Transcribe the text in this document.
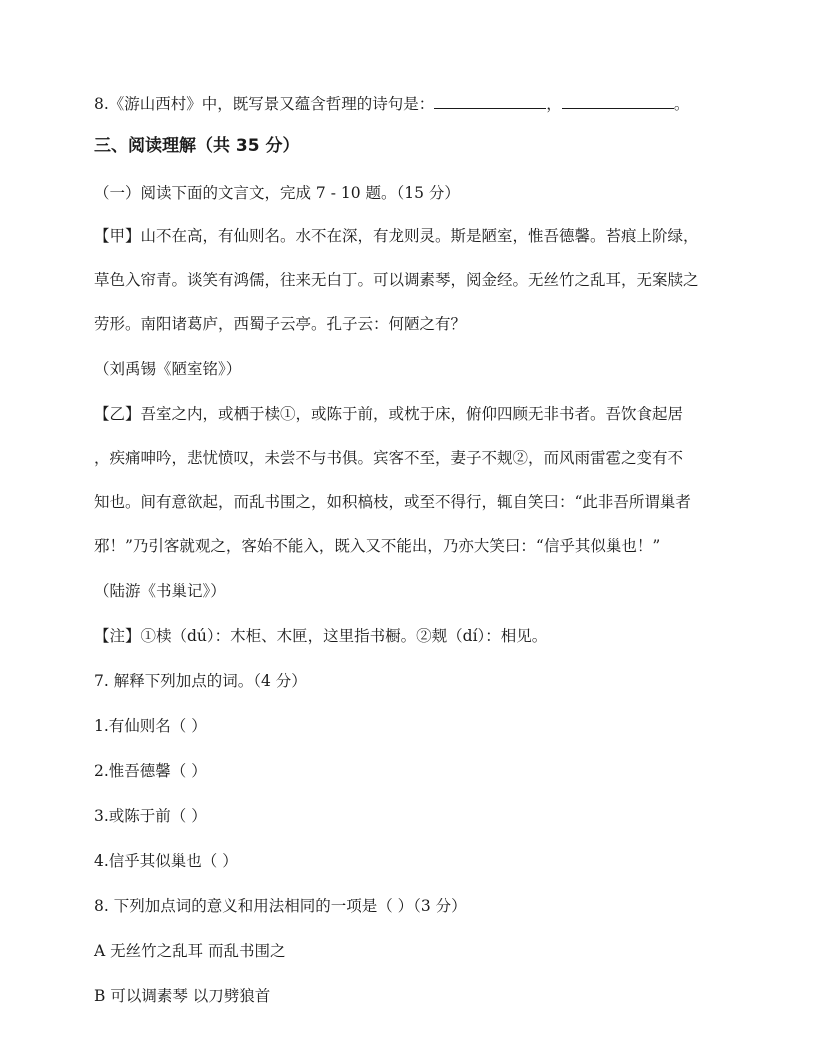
8.《游山西村》中，既写景又蕴含哲理的诗句是：	，	。

三、阅读理解（共 35 分）

（一）阅读下面的文言文，完成 7 - 10 题。（15 分）

【甲】山不在高，有仙则名。水不在深，有龙则灵。斯是陋室，惟吾德馨。苔痕上阶绿，

草色入帘青。谈笑有鸿儒，往来无白丁。可以调素琴，阅金经。无丝竹之乱耳，无案牍之

劳形。南阳诸葛庐，西蜀子云亭。孔子云：何陋之有？

（刘禹锡《陋室铭》）

【乙】吾室之内，或栖于椟①，或陈于前，或枕于床，俯仰四顾无非书者。吾饮食起居

，疾痛呻吟，悲忧愤叹，未尝不与书俱。宾客不至，妻子不觌②，而风雨雷雹之变有不

知也。间有意欲起，而乱书围之，如积槁枝，或至不得行，辄自笑曰：“此非吾所谓巢者

邪！”乃引客就观之，客始不能入，既入又不能出，乃亦大笑曰：“信乎其似巢也！”

（陆游《书巢记》）

【注】①椟（dú）：木柜、木匣，这里指书橱。②觌（dí）：相见。

7. 解释下列加点的词。（4 分）

1.有仙则名（ ）

2.惟吾德馨（ ）

3.或陈于前（ ）

4.信乎其似巢也（ ）

8. 下列加点词的意义和用法相同的一项是（ ）（3 分）

A 无丝竹之乱耳 而乱书围之

B 可以调素琴 以刀劈狼首
